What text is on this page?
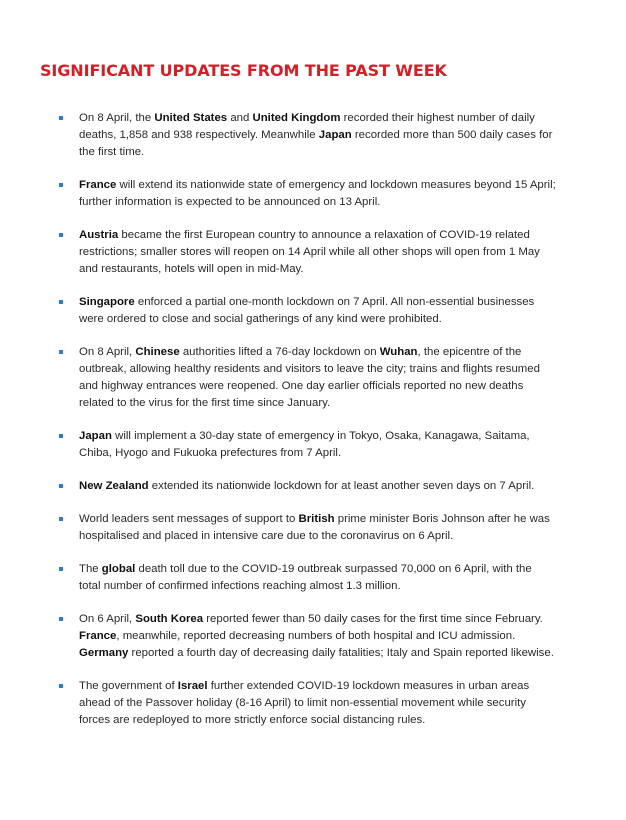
SIGNIFICANT UPDATES FROM THE PAST WEEK
On 8 April, the United States and United Kingdom recorded their highest number of daily deaths, 1,858 and 938 respectively. Meanwhile Japan recorded more than 500 daily cases for the first time.
France will extend its nationwide state of emergency and lockdown measures beyond 15 April; further information is expected to be announced on 13 April.
Austria became the first European country to announce a relaxation of COVID-19 related restrictions; smaller stores will reopen on 14 April while all other shops will open from 1 May and restaurants, hotels will open in mid-May.
Singapore enforced a partial one-month lockdown on 7 April. All non-essential businesses were ordered to close and social gatherings of any kind were prohibited.
On 8 April, Chinese authorities lifted a 76-day lockdown on Wuhan, the epicentre of the outbreak, allowing healthy residents and visitors to leave the city; trains and flights resumed and highway entrances were reopened. One day earlier officials reported no new deaths related to the virus for the first time since January.
Japan will implement a 30-day state of emergency in Tokyo, Osaka, Kanagawa, Saitama, Chiba, Hyogo and Fukuoka prefectures from 7 April.
New Zealand extended its nationwide lockdown for at least another seven days on 7 April.
World leaders sent messages of support to British prime minister Boris Johnson after he was hospitalised and placed in intensive care due to the coronavirus on 6 April.
The global death toll due to the COVID-19 outbreak surpassed 70,000 on 6 April, with the total number of confirmed infections reaching almost 1.3 million.
On 6 April, South Korea reported fewer than 50 daily cases for the first time since February. France, meanwhile, reported decreasing numbers of both hospital and ICU admission. Germany reported a fourth day of decreasing daily fatalities; Italy and Spain reported likewise.
The government of Israel further extended COVID-19 lockdown measures in urban areas ahead of the Passover holiday (8-16 April) to limit non-essential movement while security forces are redeployed to more strictly enforce social distancing rules.
